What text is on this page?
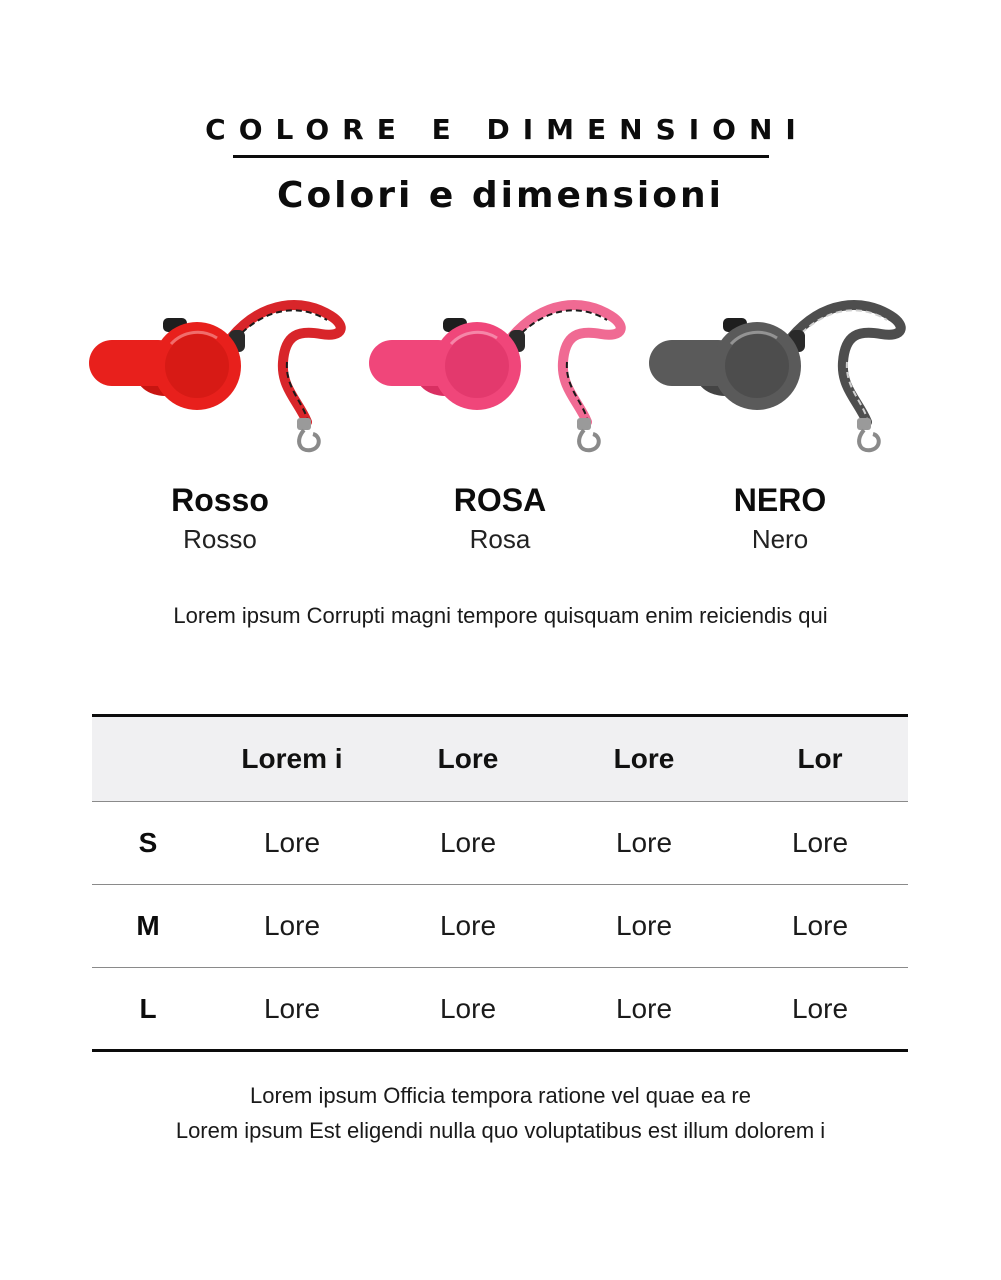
COLORE E DIMENSIONI
Colori e dimensioni
Rosso
Rosso
ROSA
Rosa
NERO
Nero
Lorem ipsum Corrupti magni tempore quisquam enim reiciendis qui
	Lorem i	Lore	Lore	Lor
S	Lore	Lore	Lore	Lore
M	Lore	Lore	Lore	Lore
L	Lore	Lore	Lore	Lore
Lorem ipsum Officia tempora ratione vel quae ea re
Lorem ipsum Est eligendi nulla quo voluptatibus est illum dolorem i
